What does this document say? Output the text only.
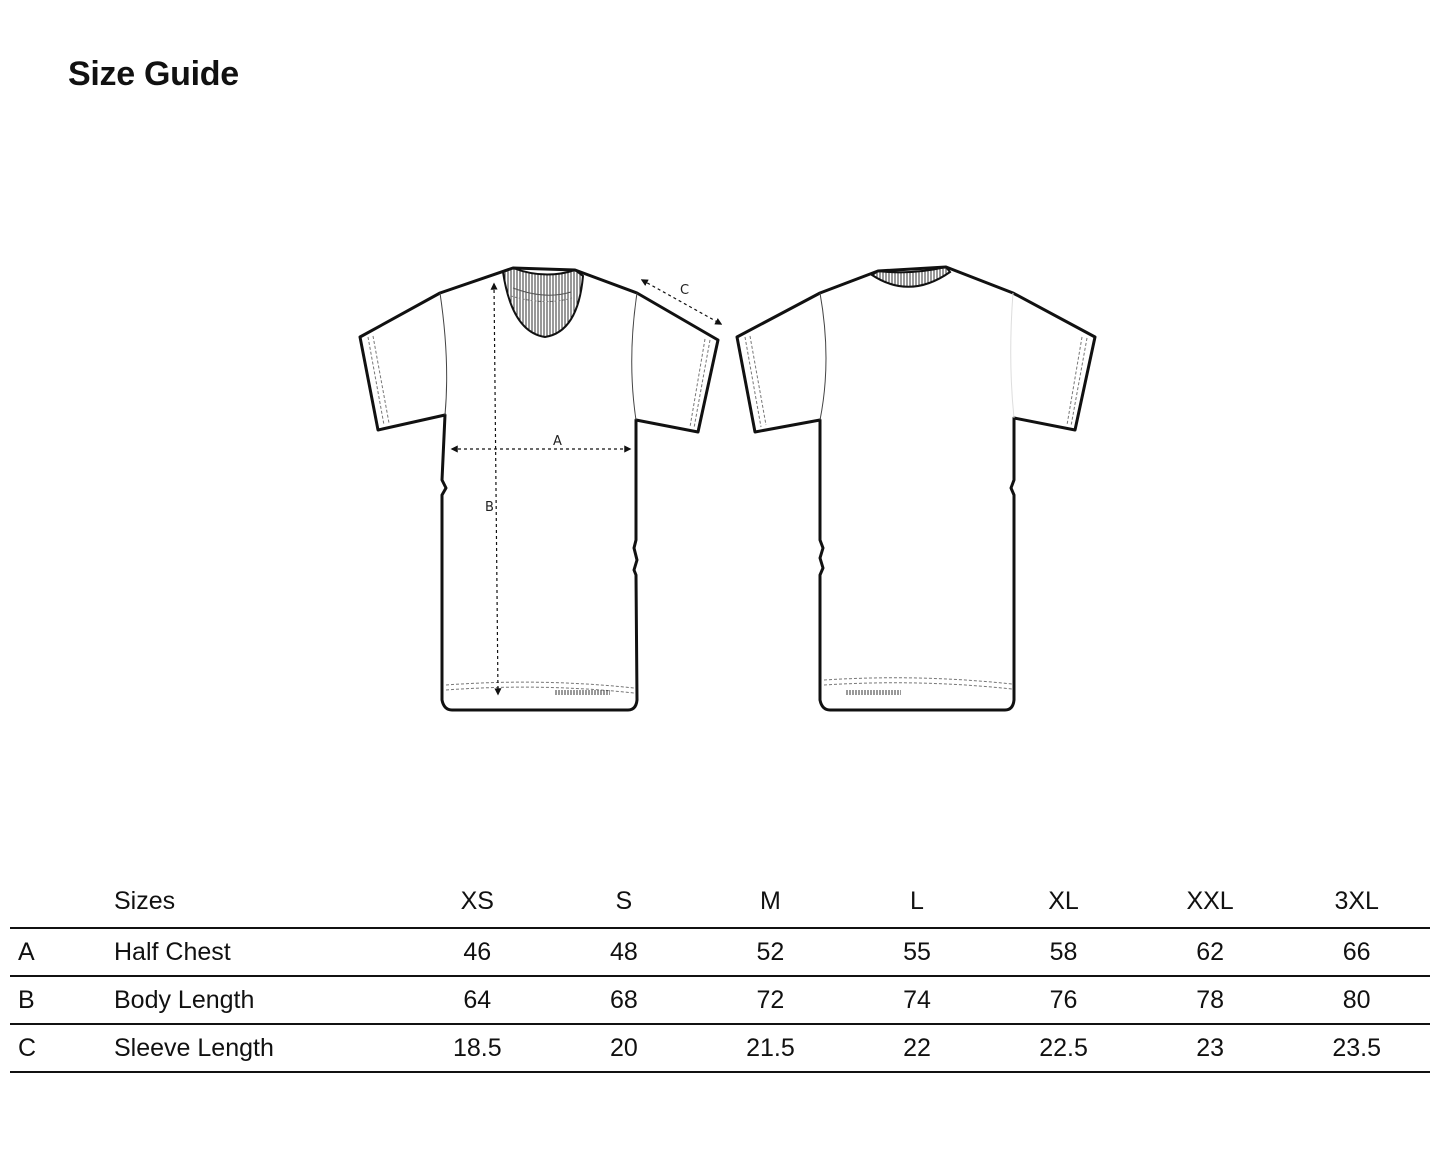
Size Guide
A
B
C
	Sizes	XS	S	M	L	XL	XXL	3XL
A	Half Chest	46	48	52	55	58	62	66
B	Body Length	64	68	72	74	76	78	80
C	Sleeve Length	18.5	20	21.5	22	22.5	23	23.5
